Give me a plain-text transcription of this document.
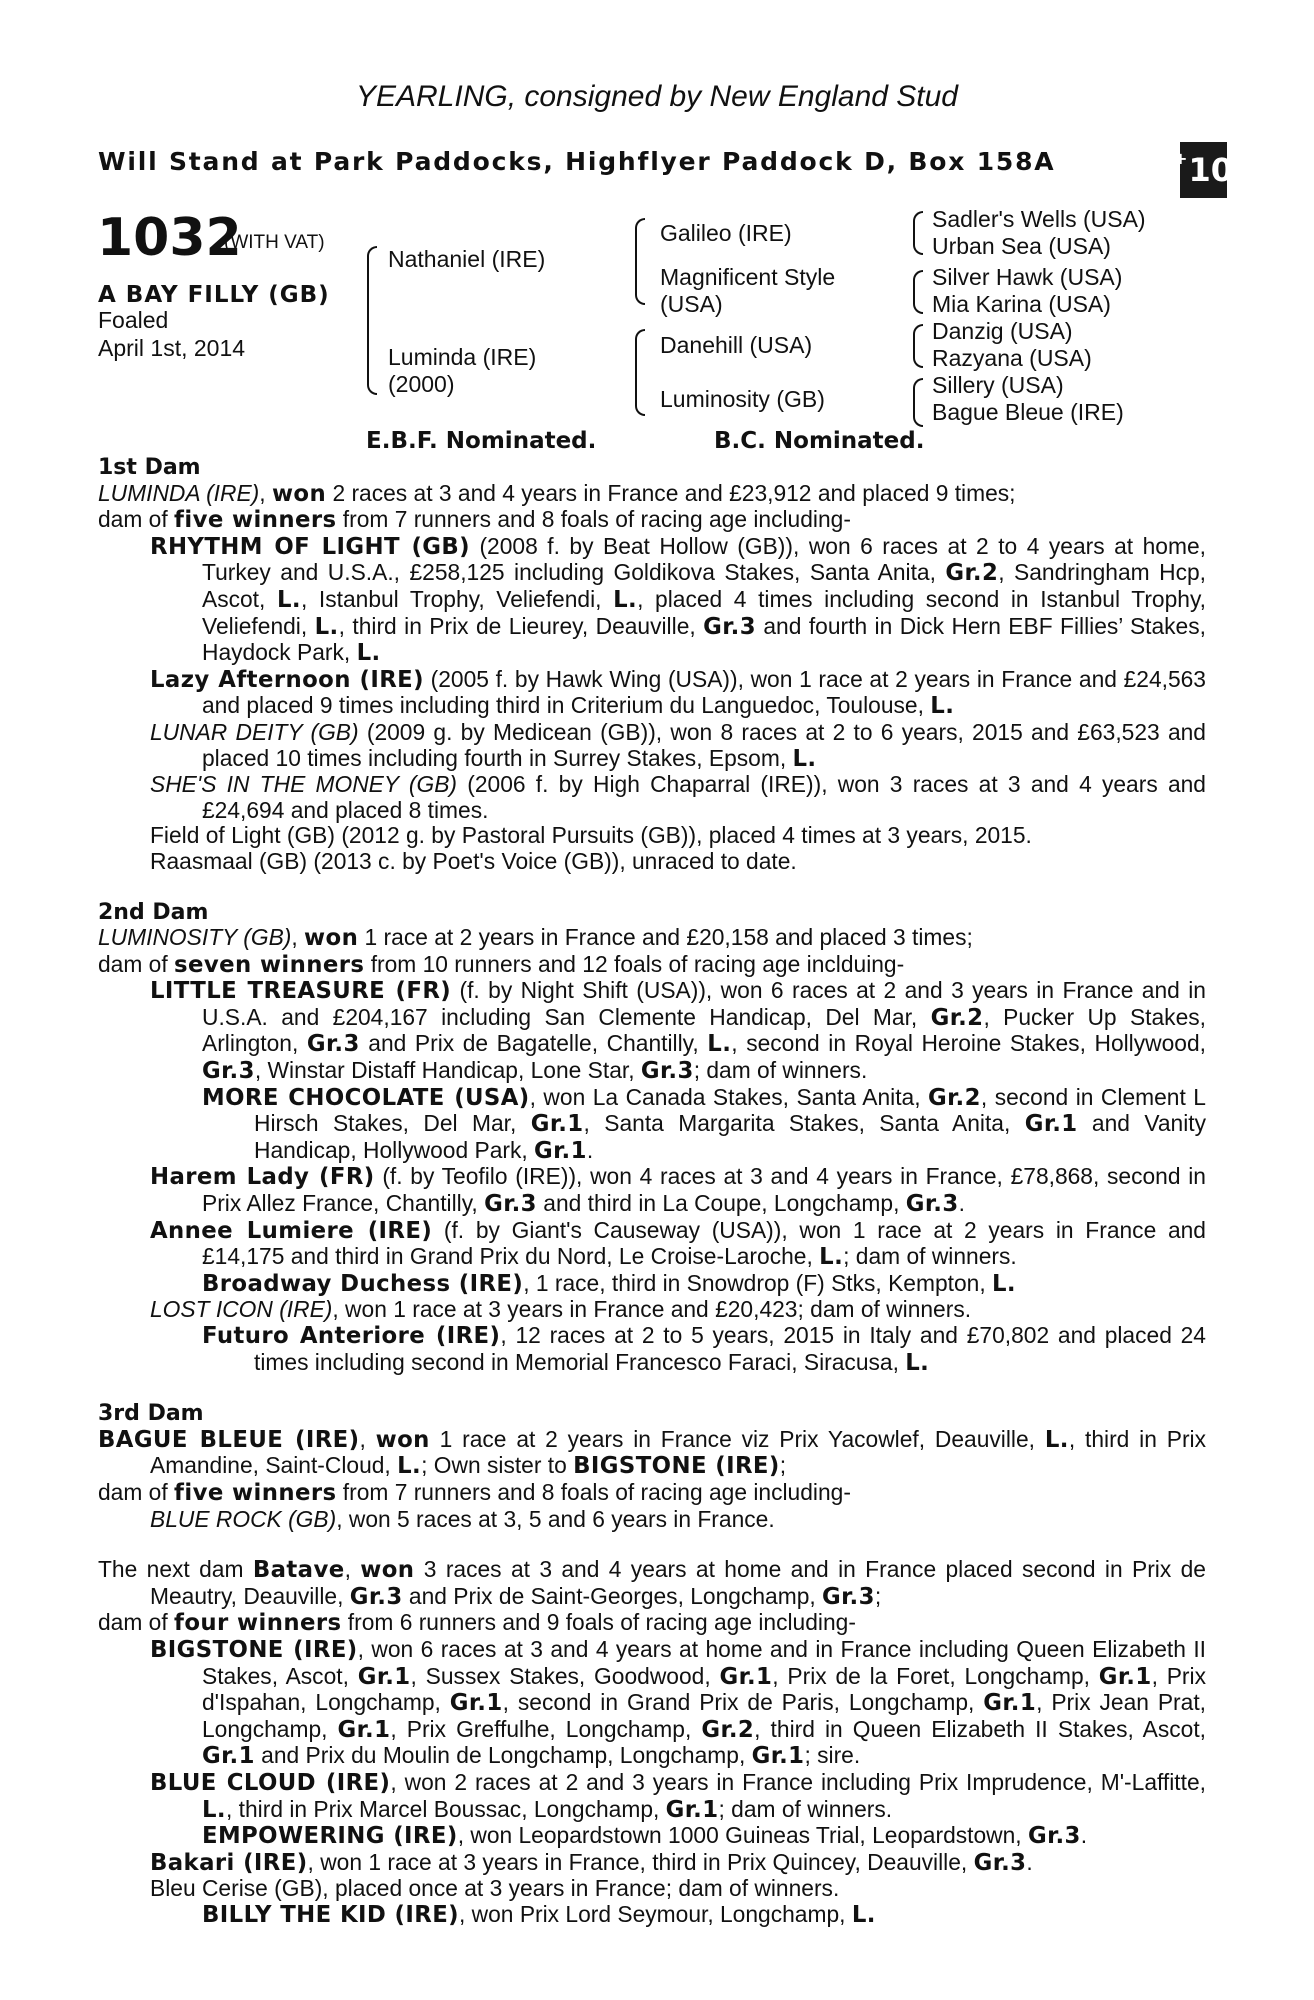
YEARLING, consigned by New England Stud
Will Stand at Park Paddocks, Highflyer Paddock D, Box 158A	+ 10
1032
(WITH VAT)
A BAY FILLY (GB)
Foaled
April 1st, 2014
Nathaniel (IRE)
Luminda (IRE)
(2000)
Galileo (IRE)
Magnificent Style
(USA)
Danehill (USA)
Luminosity (GB)
Sadler's Wells (USA)
Urban Sea (USA)
Silver Hawk (USA)
Mia Karina (USA)
Danzig (USA)
Razyana (USA)
Sillery (USA)
Bague Bleue (IRE)
E.B.F. Nominated.	B.C. Nominated.
1st Dam

LUMINDA (IRE), won 2 races at 3 and 4 years in France and £23,912 and placed 9 times;

dam of five winners from 7 runners and 8 foals of racing age including-

RHYTHM OF LIGHT (GB) (2008 f. by Beat Hollow (GB)), won 6 races at 2 to 4 years at home, Turkey and U.S.A., £258,125 including Goldikova Stakes, Santa Anita, Gr.2, Sandringham Hcp, Ascot, L., Istanbul Trophy, Veliefendi, L., placed 4 times including second in Istanbul Trophy, Veliefendi, L., third in Prix de Lieurey, Deauville, Gr.3 and fourth in Dick Hern EBF Fillies’ Stakes, Haydock Park, L.

Lazy Afternoon (IRE) (2005 f. by Hawk Wing (USA)), won 1 race at 2 years in France and £24,563 and placed 9 times including third in Criterium du Languedoc, Toulouse, L.

LUNAR DEITY (GB) (2009 g. by Medicean (GB)), won 8 races at 2 to 6 years, 2015 and £63,523 and placed 10 times including fourth in Surrey Stakes, Epsom, L.

SHE'S IN THE MONEY (GB) (2006 f. by High Chaparral (IRE)), won 3 races at 3 and 4 years and £24,694 and placed 8 times.

Field of Light (GB) (2012 g. by Pastoral Pursuits (GB)), placed 4 times at 3 years, 2015.

Raasmaal (GB) (2013 c. by Poet's Voice (GB)), unraced to date.

2nd Dam

LUMINOSITY (GB), won 1 race at 2 years in France and £20,158 and placed 3 times;

dam of seven winners from 10 runners and 12 foals of racing age inclduing-

LITTLE TREASURE (FR) (f. by Night Shift (USA)), won 6 races at 2 and 3 years in France and in U.S.A. and £204,167 including San Clemente Handicap, Del Mar, Gr.2, Pucker Up Stakes, Arlington, Gr.3 and Prix de Bagatelle, Chantilly, L., second in Royal Heroine Stakes, Hollywood, Gr.3, Winstar Distaff Handicap, Lone Star, Gr.3; dam of winners.

MORE CHOCOLATE (USA), won La Canada Stakes, Santa Anita, Gr.2, second in Clement L Hirsch Stakes, Del Mar, Gr.1, Santa Margarita Stakes, Santa Anita, Gr.1 and Vanity Handicap, Hollywood Park, Gr.1.

Harem Lady (FR) (f. by Teofilo (IRE)), won 4 races at 3 and 4 years in France, £78,868, second in Prix Allez France, Chantilly, Gr.3 and third in La Coupe, Longchamp, Gr.3.

Annee Lumiere (IRE) (f. by Giant's Causeway (USA)), won 1 race at 2 years in France and £14,175 and third in Grand Prix du Nord, Le Croise-Laroche, L.; dam of winners.

Broadway Duchess (IRE), 1 race, third in Snowdrop (F) Stks, Kempton, L.

LOST ICON (IRE), won 1 race at 3 years in France and £20,423; dam of winners.

Futuro Anteriore (IRE), 12 races at 2 to 5 years, 2015 in Italy and £70,802 and placed 24 times including second in Memorial Francesco Faraci, Siracusa, L.

3rd Dam

BAGUE BLEUE (IRE), won 1 race at 2 years in France viz Prix Yacowlef, Deauville, L., third in Prix Amandine, Saint-Cloud, L.; Own sister to BIGSTONE (IRE);

dam of five winners from 7 runners and 8 foals of racing age including-

BLUE ROCK (GB), won 5 races at 3, 5 and 6 years in France.

The next dam Batave, won 3 races at 3 and 4 years at home and in France placed second in Prix de Meautry, Deauville, Gr.3 and Prix de Saint-Georges, Longchamp, Gr.3;

dam of four winners from 6 runners and 9 foals of racing age including-

BIGSTONE (IRE), won 6 races at 3 and 4 years at home and in France including Queen Elizabeth II Stakes, Ascot, Gr.1, Sussex Stakes, Goodwood, Gr.1, Prix de la Foret, Longchamp, Gr.1, Prix d'Ispahan, Longchamp, Gr.1, second in Grand Prix de Paris, Longchamp, Gr.1, Prix Jean Prat, Longchamp, Gr.1, Prix Greffulhe, Longchamp, Gr.2, third in Queen Elizabeth II Stakes, Ascot, Gr.1 and Prix du Moulin de Longchamp, Longchamp, Gr.1; sire.

BLUE CLOUD (IRE), won 2 races at 2 and 3 years in France including Prix Imprudence, M'-Laffitte, L., third in Prix Marcel Boussac, Longchamp, Gr.1; dam of winners.

EMPOWERING (IRE), won Leopardstown 1000 Guineas Trial, Leopardstown, Gr.3.

Bakari (IRE), won 1 race at 3 years in France, third in Prix Quincey, Deauville, Gr.3.

Bleu Cerise (GB), placed once at 3 years in France; dam of winners.

BILLY THE KID (IRE), won Prix Lord Seymour, Longchamp, L.
